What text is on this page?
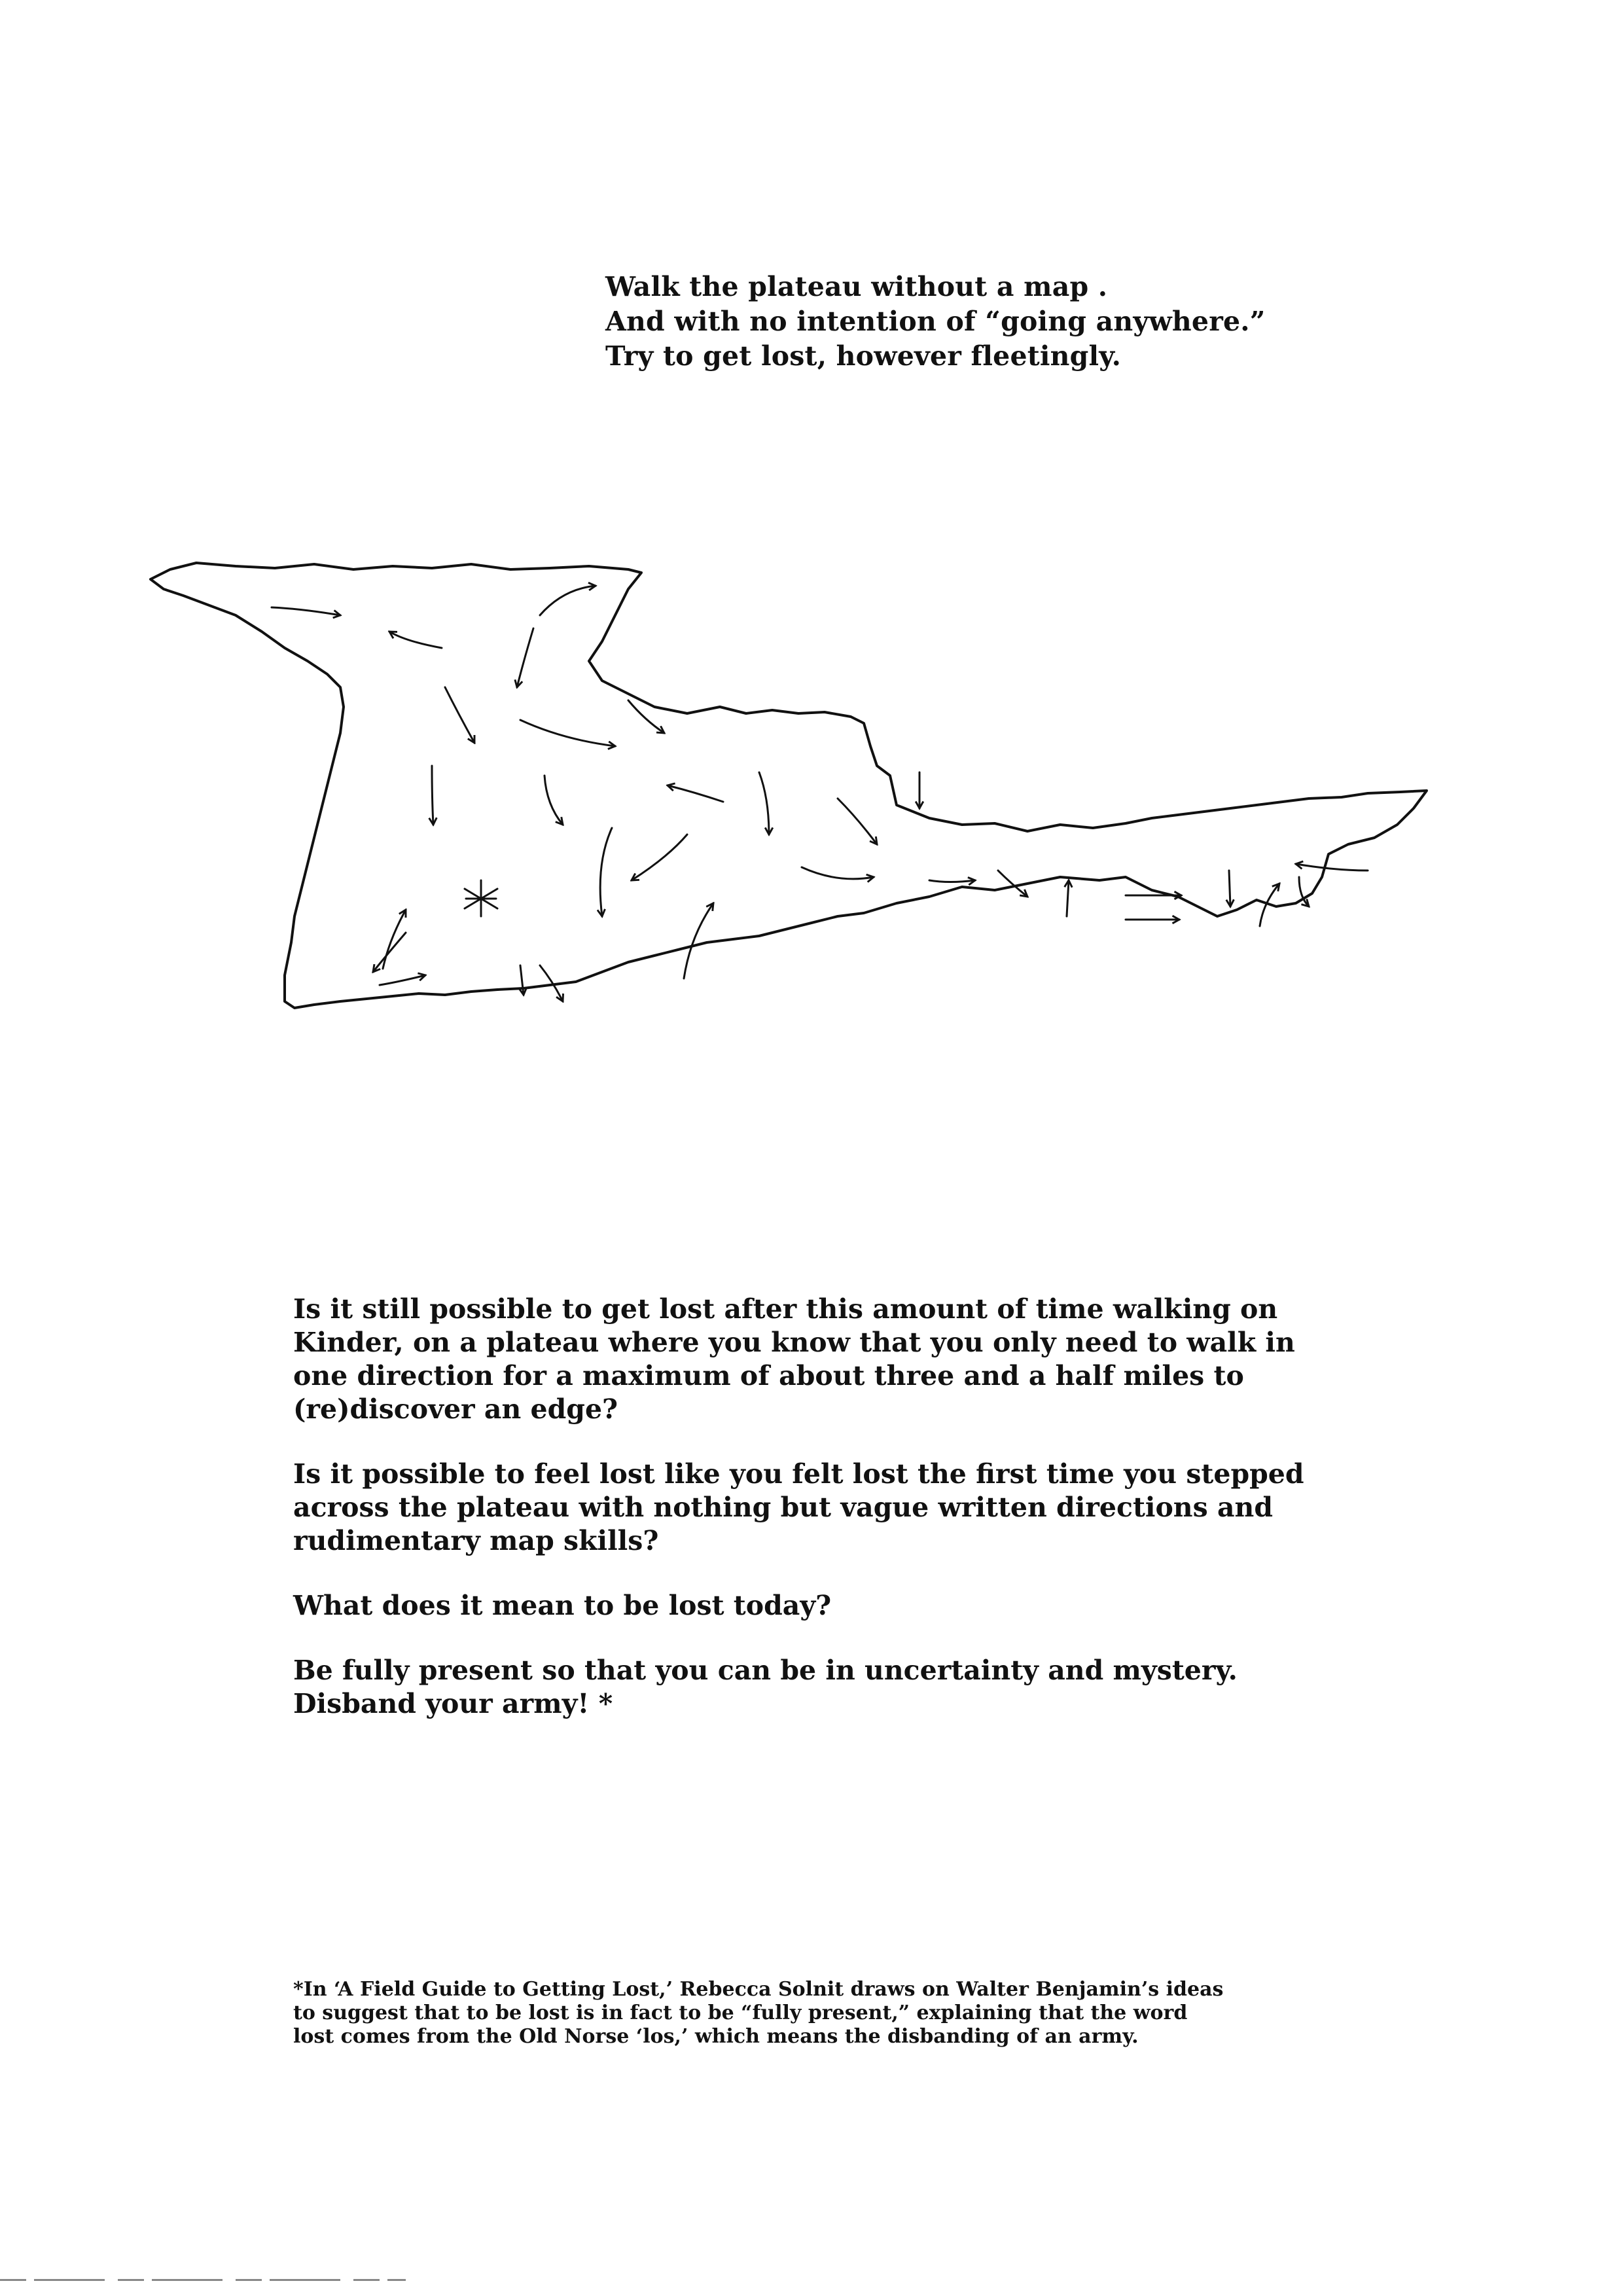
Walk the plateau without a map .
And with no intention of “going anywhere.”
Try to get lost, however fleetingly.

Is it still possible to get lost after this amount of time walking on
Kinder, on a plateau where you know that you only need to walk in
one direction for a maximum of about three and a half miles to
(re)discover an edge?

Is it possible to feel lost like you felt lost the first time you stepped
across the plateau with nothing but vague written directions and
rudimentary map skills?

What does it mean to be lost today?

Be fully present so that you can be in uncertainty and mystery.
Disband your army! *

*In ‘A Field Guide to Getting Lost,’ Rebecca Solnit draws on Walter Benjamin’s ideas
to suggest that to be lost is in fact to be “fully present,” explaining that the word
lost comes from the Old Norse ‘los,’ which means the disbanding of an army.
